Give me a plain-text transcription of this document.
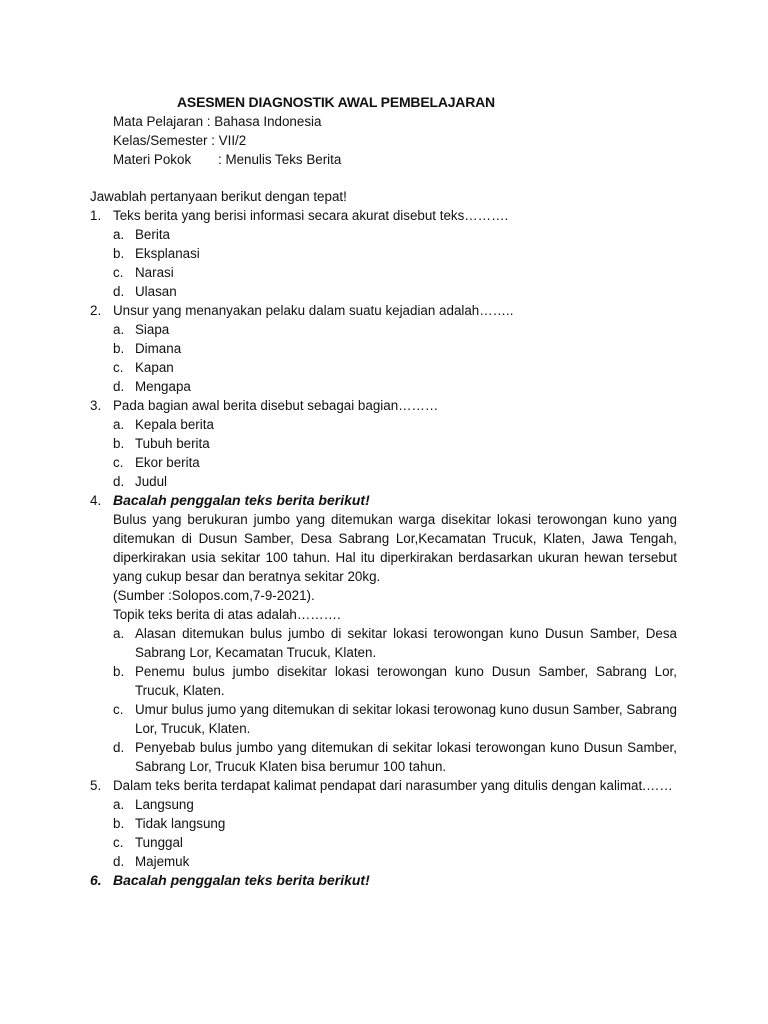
ASESMEN DIAGNOSTIK AWAL PEMBELAJARAN
Mata Pelajaran : Bahasa Indonesia
Kelas/Semester : VII/2
Materi Pokok : Menulis Teks Berita
Jawablah pertanyaan berikut dengan tepat!
1. Teks berita yang berisi informasi secara akurat disebut teks……….
a. Berita
b. Eksplanasi
c. Narasi
d. Ulasan
2. Unsur yang menanyakan pelaku dalam suatu kejadian adalah……..
a. Siapa
b. Dimana
c. Kapan
d. Mengapa
3. Pada bagian awal berita disebut sebagai bagian………
a. Kepala berita
b. Tubuh berita
c. Ekor berita
d. Judul
4. Bacalah penggalan teks berita berikut!
Bulus yang berukuran jumbo yang ditemukan warga disekitar lokasi terowongan kuno yang ditemukan di Dusun Samber, Desa Sabrang Lor,Kecamatan Trucuk, Klaten, Jawa Tengah, diperkirakan usia sekitar 100 tahun. Hal itu diperkirakan berdasarkan ukuran hewan tersebut yang cukup besar dan beratnya sekitar 20kg.
(Sumber :Solopos.com,7-9-2021).
Topik teks berita di atas adalah……….
a. Alasan ditemukan bulus jumbo di sekitar lokasi terowongan kuno Dusun Samber, Desa Sabrang Lor, Kecamatan Trucuk, Klaten.
b. Penemu bulus jumbo disekitar lokasi terowongan kuno Dusun Samber, Sabrang Lor, Trucuk, Klaten.
c. Umur bulus jumo yang ditemukan di sekitar lokasi terowonag kuno dusun Samber, Sabrang Lor, Trucuk, Klaten.
d. Penyebab bulus jumbo yang ditemukan di sekitar lokasi terowongan kuno Dusun Samber, Sabrang Lor, Trucuk Klaten bisa berumur 100 tahun.
5. Dalam teks berita terdapat kalimat pendapat dari narasumber yang ditulis dengan kalimat.……
a. Langsung
b. Tidak langsung
c. Tunggal
d. Majemuk
6. Bacalah penggalan teks berita berikut!
